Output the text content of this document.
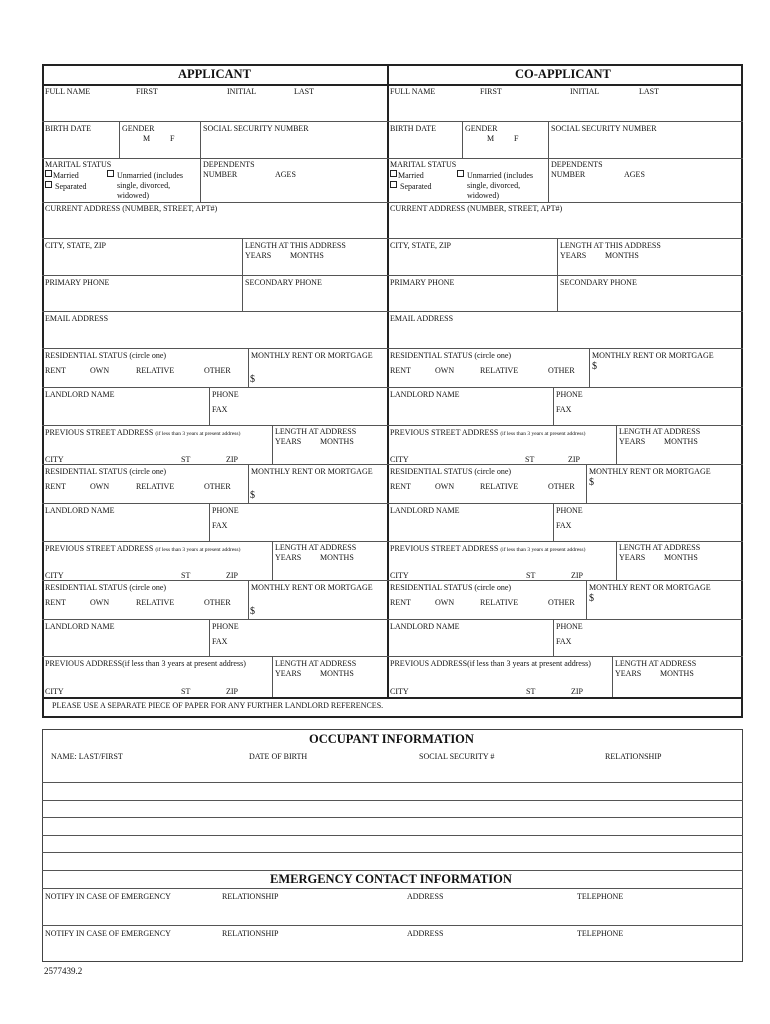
APPLICANT	CO-APPLICANT
FULL NAME	FIRST	INITIAL	LAST
BIRTH DATE	GENDER
M F
SOCIAL SECURITY NUMBER
MARITAL STATUS
Married	Unmarried (includes
single, divorced,
widowed)
Separated
DEPENDENTS
NUMBER	AGES
CURRENT ADDRESS (NUMBER, STREET, APT#)
CITY, STATE, ZIP	LENGTH AT THIS ADDRESS
YEARS MONTHS
PRIMARY PHONE	SECONDARY PHONE
EMAIL ADDRESS
RESIDENTIAL STATUS (circle one)
RENT	OWN	RELATIVE	OTHER
MONTHLY RENT OR MORTGAGE
$
LANDLORD NAME	PHONE
FAX
PREVIOUS STREET ADDRESS (if less than 3 years at present address)	LENGTH AT ADDRESS
YEARS MONTHS
CITY	ST	ZIP
RESIDENTIAL STATUS (circle one)
RENT	OWN	RELATIVE	OTHER
MONTHLY RENT OR MORTGAGE
$
LANDLORD NAME	PHONE
FAX
PREVIOUS STREET ADDRESS (if less than 3 years at present address)	LENGTH AT ADDRESS
YEARS MONTHS
CITY	ST	ZIP
RESIDENTIAL STATUS (circle one)
RENT	OWN	RELATIVE	OTHER
MONTHLY RENT OR MORTGAGE
$
LANDLORD NAME	PHONE
FAX
PREVIOUS ADDRESS(if less than 3 years at present address)	LENGTH AT ADDRESS
YEARS MONTHS
CITY	ST	ZIP
FULL NAME	FIRST	INITIAL	LAST
BIRTH DATE	GENDER
M F
SOCIAL SECURITY NUMBER
MARITAL STATUS
Married	Unmarried (includes
single, divorced,
widowed)
Separated
DEPENDENTS
NUMBER	AGES
CURRENT ADDRESS (NUMBER, STREET, APT#)
CITY, STATE, ZIP	LENGTH AT THIS ADDRESS
YEARS MONTHS
PRIMARY PHONE	SECONDARY PHONE
EMAIL ADDRESS
RESIDENTIAL STATUS (circle one)
RENT	OWN	RELATIVE	OTHER
MONTHLY RENT OR MORTGAGE
$
LANDLORD NAME	PHONE
FAX
PREVIOUS STREET ADDRESS (if less than 3 years at present address)	LENGTH AT ADDRESS
YEARS MONTHS
CITY	ST	ZIP
RESIDENTIAL STATUS (circle one)
RENT	OWN	RELATIVE	OTHER
MONTHLY RENT OR MORTGAGE
$
LANDLORD NAME	PHONE
FAX
PREVIOUS STREET ADDRESS (if less than 3 years at present address)	LENGTH AT ADDRESS
YEARS MONTHS
CITY	ST	ZIP
RESIDENTIAL STATUS (circle one)
RENT	OWN	RELATIVE	OTHER
MONTHLY RENT OR MORTGAGE
$
LANDLORD NAME	PHONE
FAX
PREVIOUS ADDRESS(if less than 3 years at present address)	LENGTH AT ADDRESS
YEARS MONTHS
CITY	ST	ZIP
PLEASE USE A SEPARATE PIECE OF PAPER FOR ANY FURTHER LANDLORD REFERENCES.
OCCUPANT INFORMATION
NAME: LAST/FIRST	DATE OF BIRTH	SOCIAL SECURITY #	RELATIONSHIP
EMERGENCY CONTACT INFORMATION
NOTIFY IN CASE OF EMERGENCY	RELATIONSHIP	ADDRESS	TELEPHONE
NOTIFY IN CASE OF EMERGENCY	RELATIONSHIP	ADDRESS	TELEPHONE
2577439.2
